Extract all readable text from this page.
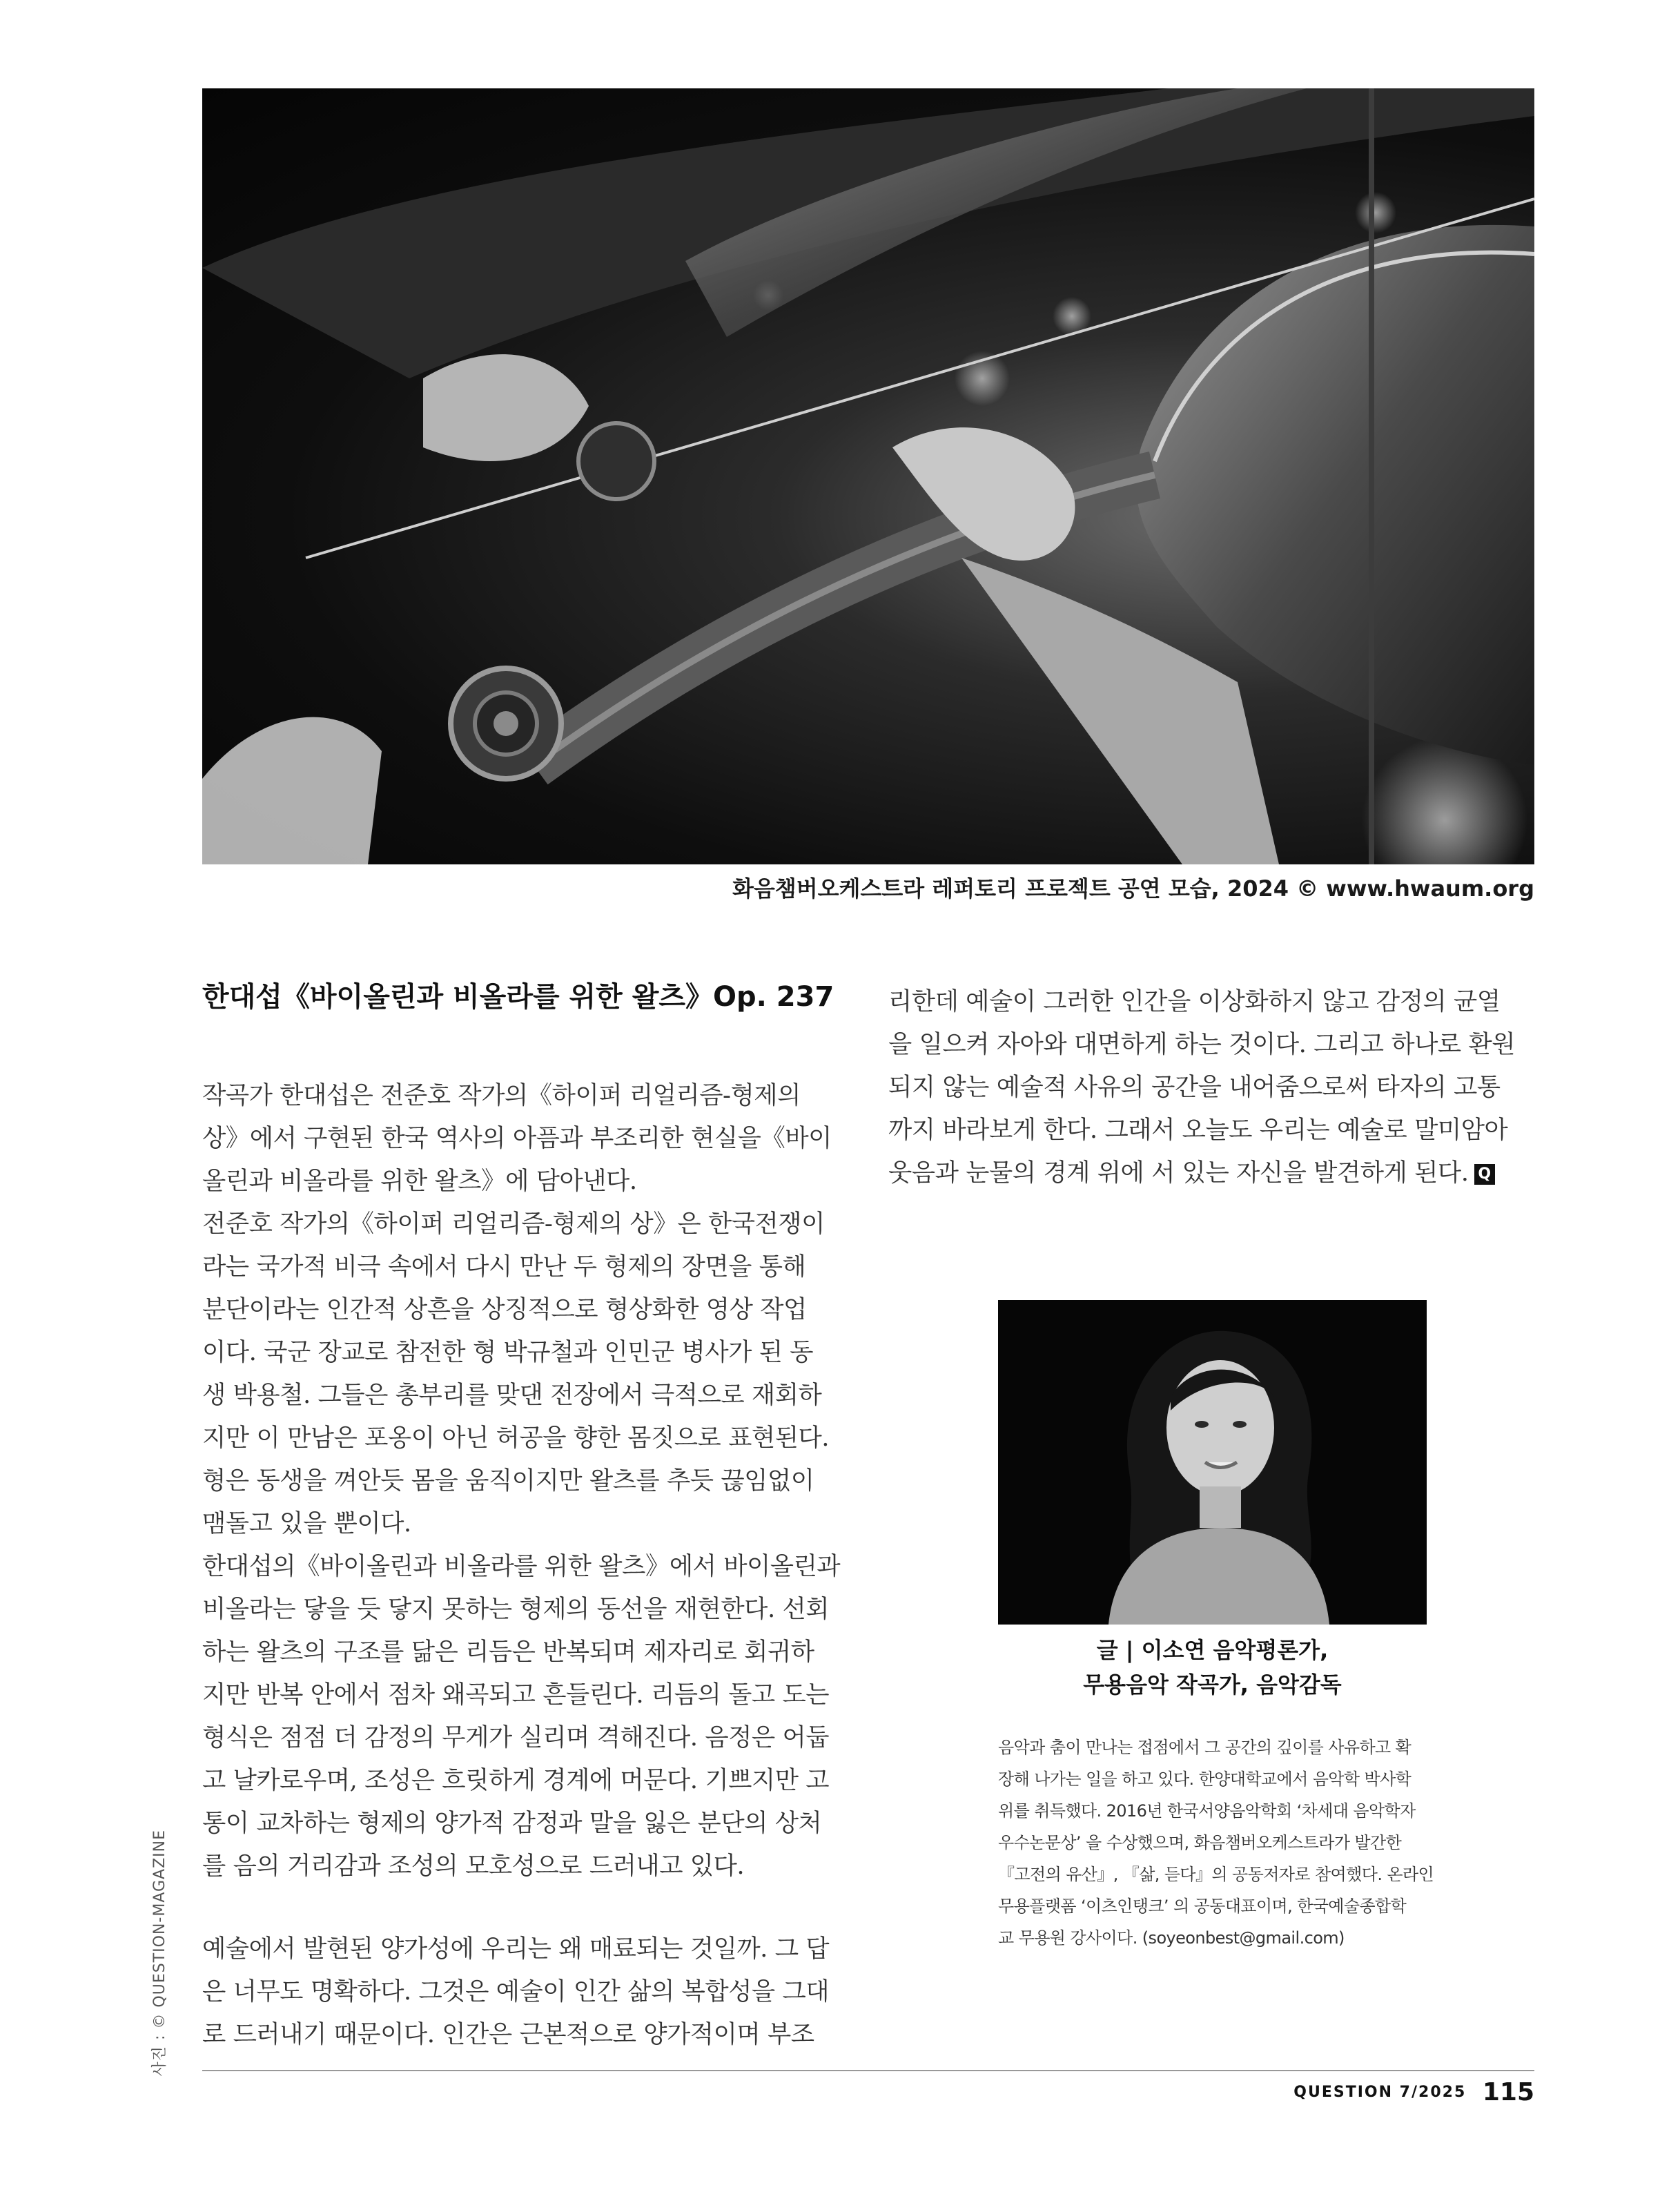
화음챔버오케스트라 레퍼토리 프로젝트 공연 모습, 2024 © www.hwaum.org
한대섭《바이올린과 비올라를 위한 왈츠》Op. 237

작곡가 한대섭은 전준호 작가의《하이퍼 리얼리즘-형제의
상》에서 구현된 한국 역사의 아픔과 부조리한 현실을《바이
올린과 비올라를 위한 왈츠》에 담아낸다.

전준호 작가의《하이퍼 리얼리즘-형제의 상》은 한국전쟁이
라는 국가적 비극 속에서 다시 만난 두 형제의 장면을 통해
분단이라는 인간적 상흔을 상징적으로 형상화한 영상 작업
이다. 국군 장교로 참전한 형 박규철과 인민군 병사가 된 동
생 박용철. 그들은 총부리를 맞댄 전장에서 극적으로 재회하
지만 이 만남은 포옹이 아닌 허공을 향한 몸짓으로 표현된다.
형은 동생을 껴안듯 몸을 움직이지만 왈츠를 추듯 끊임없이
맴돌고 있을 뿐이다.

한대섭의《바이올린과 비올라를 위한 왈츠》에서 바이올린과
비올라는 닿을 듯 닿지 못하는 형제의 동선을 재현한다. 선회
하는 왈츠의 구조를 닮은 리듬은 반복되며 제자리로 회귀하
지만 반복 안에서 점차 왜곡되고 흔들린다. 리듬의 돌고 도는
형식은 점점 더 감정의 무게가 실리며 격해진다. 음정은 어둡
고 날카로우며, 조성은 흐릿하게 경계에 머문다. 기쁘지만 고
통이 교차하는 형제의 양가적 감정과 말을 잃은 분단의 상처
를 음의 거리감과 조성의 모호성으로 드러내고 있다.

예술에서 발현된 양가성에 우리는 왜 매료되는 것일까. 그 답
은 너무도 명확하다. 그것은 예술이 인간 삶의 복합성을 그대
로 드러내기 때문이다. 인간은 근본적으로 양가적이며 부조

리한데 예술이 그러한 인간을 이상화하지 않고 감정의 균열
을 일으켜 자아와 대면하게 하는 것이다. 그리고 하나로 환원
되지 않는 예술적 사유의 공간을 내어줌으로써 타자의 고통
까지 바라보게 한다. 그래서 오늘도 우리는 예술로 말미암아
웃음과 눈물의 경계 위에 서 있는 자신을 발견하게 된다. Q

글 | 이소연 음악평론가,
무용음악 작곡가, 음악감독
음악과 춤이 만나는 접점에서 그 공간의 깊이를 사유하고 확
장해 나가는 일을 하고 있다. 한양대학교에서 음악학 박사학
위를 취득했다. 2016년 한국서양음악학회 ‘차세대 음악학자
우수논문상’ 을 수상했으며, 화음챔버오케스트라가 발간한
『고전의 유산』, 『삶, 듣다』의 공동저자로 참여했다. 온라인
무용플랫폼 ‘이츠인탱크’ 의 공동대표이며, 한국예술종합학
교 무용원 강사이다. (soyeonbest@gmail.com)
사진 : © QUESTION-MAGAZINE
QUESTION 7/2025 115
